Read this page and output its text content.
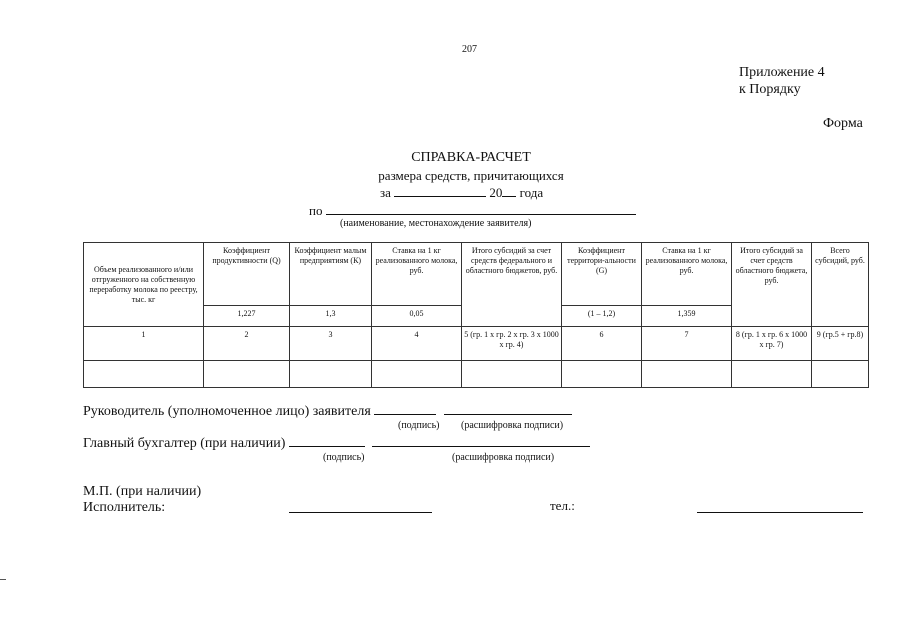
207
Приложение 4
к Порядку
Форма
СПРАВКА-РАСЧЕТ
размера средств, причитающихся
за	20 года
по
(наименование, местонахождение заявителя)
Объем реализованного и/или отгруженного на собственную переработку молока по реестру, тыс. кг	Коэффициент продуктивности (Q)	Коэффициент малым предприятиям (К)	Ставка на 1 кг реализованного молока, руб.	Итого субсидий за счет средств федерального и областного бюджетов, руб.	Коэффициент территори-альности (G)	Ставка на 1 кг реализованного молока, руб.	Итого субсидий за счет средств областного бюджета, руб.	Всего субсидий, руб.
	1,227	1,3	0,05		(1 – 1,2)	1,359		
1	2	3	4	5 (гр. 1 х гр. 2 х гр. 3 х 1000 х гр. 4)	6	7	8 (гр. 1 х гр. 6 х 1000 х гр. 7)	9 (гр.5 + гр.8)

Руководитель (уполномоченное лицо) заявителя
(подпись) (расшифровка подписи)
Главный бухгалтер (при наличии)
(подпись)	(расшифровка подписи)
М.П. (при наличии)
Исполнитель:	тел.:
